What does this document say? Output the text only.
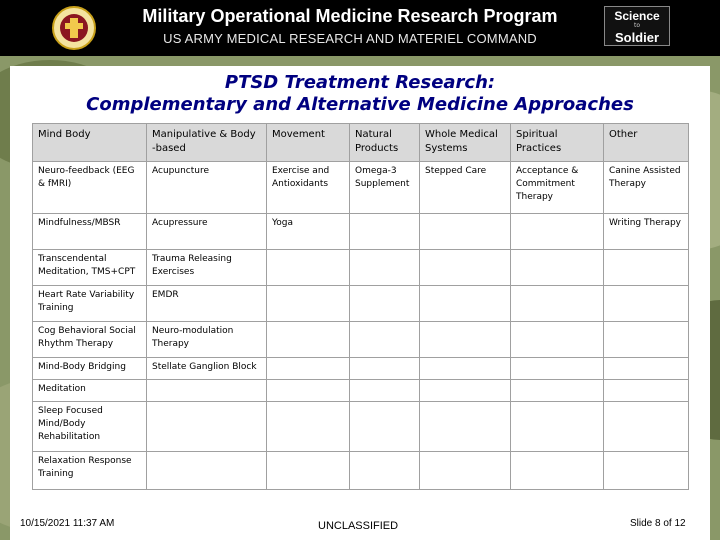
Military Operational Medicine Research Program
US ARMY MEDICAL RESEARCH AND MATERIEL COMMAND
Science
to
Soldier
PTSD Treatment Research:
Complementary and Alternative Medicine Approaches
Mind Body	Manipulative & Body -based	Movement	Natural Products	Whole Medical Systems	Spiritual Practices	Other
Neuro-feedback (EEG & fMRI)	Acupuncture	Exercise and Antioxidants	Omega-3 Supplement	Stepped Care	Acceptance & Commitment Therapy	Canine Assisted Therapy
Mindfulness/MBSR	Acupressure	Yoga				Writing Therapy
Transcendental Meditation, TMS+CPT	Trauma Releasing Exercises					
Heart Rate Variability Training	EMDR					
Cog Behavioral Social Rhythm Therapy	Neuro-modulation Therapy					
Mind-Body Bridging	Stellate Ganglion Block					
Meditation						
Sleep Focused Mind/Body Rehabilitation						
Relaxation Response Training						
10/15/2021 11:37 AM	UNCLASSIFIED	Slide 8 of 12
